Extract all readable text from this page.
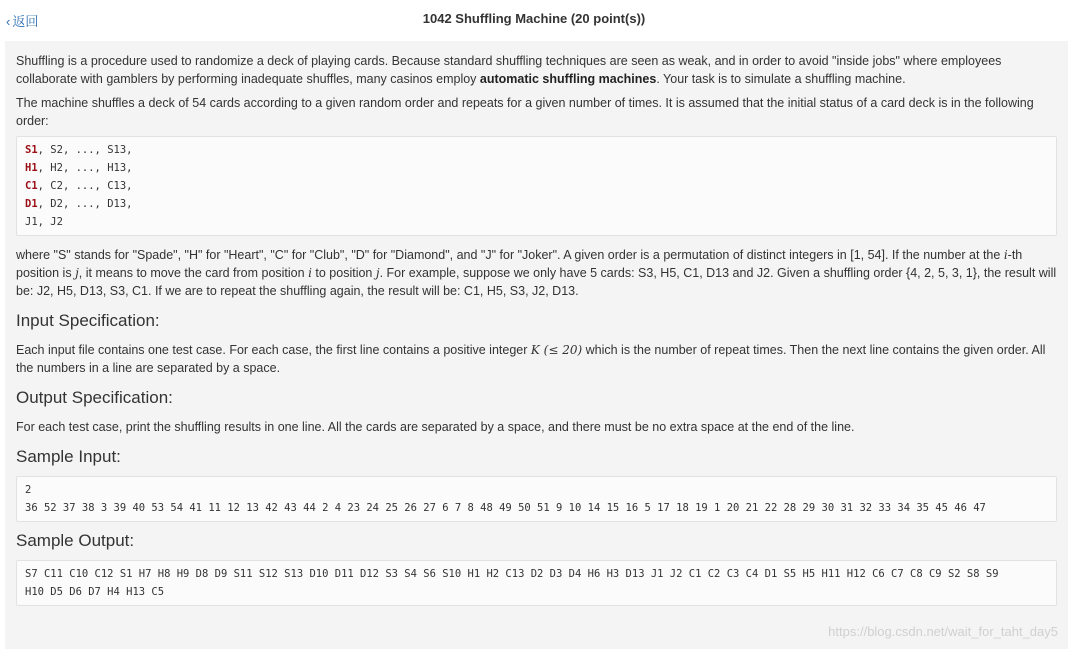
‹ 返回	1042 Shuffling Machine (20 point(s))

Shuffling is a procedure used to randomize a deck of playing cards. Because standard shuffling techniques are seen as weak, and in order to avoid "inside jobs" where employees collaborate with gamblers by performing inadequate shuffles, many casinos employ automatic shuffling machines. Your task is to simulate a shuffling machine.

The machine shuffles a deck of 54 cards according to a given random order and repeats for a given number of times. It is assumed that the initial status of a card deck is in the following order:

S1, S2, ..., S13,
H1, H2, ..., H13,
C1, C2, ..., C13,
D1, D2, ..., D13,
J1, J2

where "S" stands for "Spade", "H" for "Heart", "C" for "Club", "D" for "Diamond", and "J" for "Joker". A given order is a permutation of distinct integers in [1, 54]. If the number at the i-th position is j, it means to move the card from position i to position j. For example, suppose we only have 5 cards: S3, H5, C1, D13 and J2. Given a shuffling order {4, 2, 5, 3, 1}, the result will be: J2, H5, D13, S3, C1. If we are to repeat the shuffling again, the result will be: C1, H5, S3, J2, D13.

Input Specification:

Each input file contains one test case. For each case, the first line contains a positive integer K (≤ 20) which is the number of repeat times. Then the next line contains the given order. All the numbers in a line are separated by a space.

Output Specification:

For each test case, print the shuffling results in one line. All the cards are separated by a space, and there must be no extra space at the end of the line.

Sample Input:
2
36 52 37 38 3 39 40 53 54 41 11 12 13 42 43 44 2 4 23 24 25 26 27 6 7 8 48 49 50 51 9 10 14 15 16 5 17 18 19 1 20 21 22 28 29 30 31 32 33 34 35 45 46 47
Sample Output:
S7 C11 C10 C12 S1 H7 H8 H9 D8 D9 S11 S12 S13 D10 D11 D12 S3 S4 S6 S10 H1 H2 C13 D2 D3 D4 H6 H3 D13 J1 J2 C1 C2 C3 C4 D1 S5 H5 H11 H12 C6 C7 C8 C9 S2 S8 S9
H10 D5 D6 D7 H4 H13 C5
https://blog.csdn.net/wait_for_taht_day5
